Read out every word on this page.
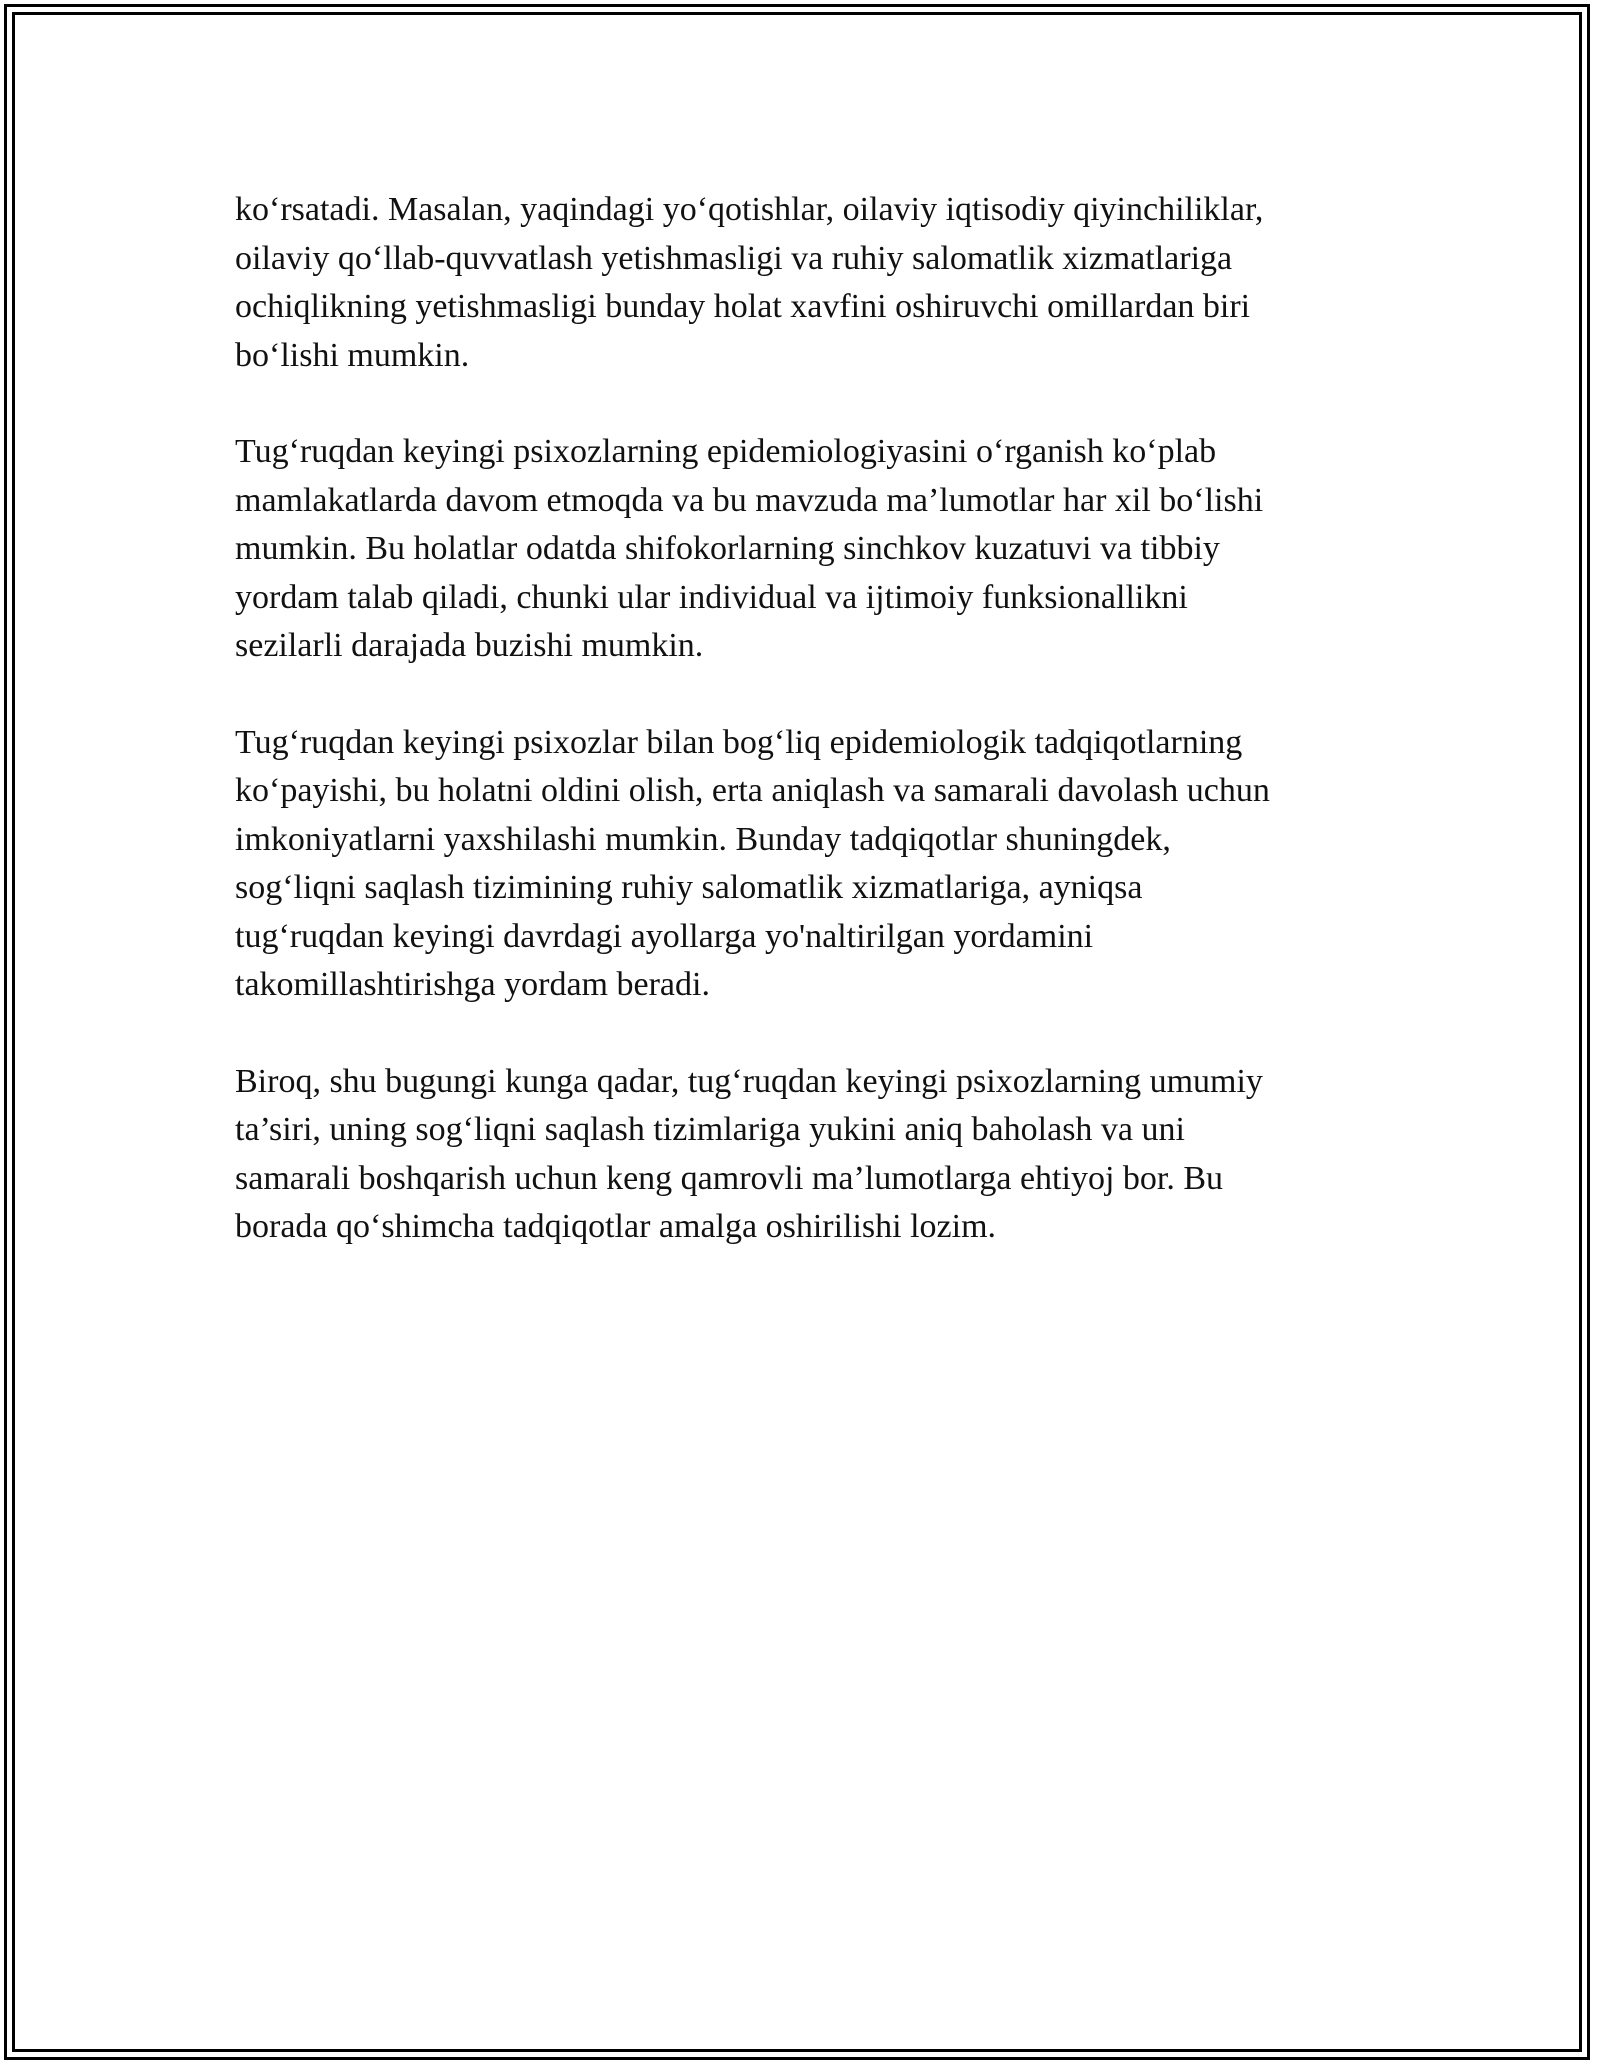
ko‘rsatadi. Masalan, yaqindagi yo‘qotishlar, oilaviy iqtisodiy qiyinchiliklar,
oilaviy qo‘llab-quvvatlash yetishmasligi va ruhiy salomatlik xizmatlariga
ochiqlikning yetishmasligi bunday holat xavfini oshiruvchi omillardan biri
bo‘lishi mumkin.

Tug‘ruqdan keyingi psixozlarning epidemiologiyasini o‘rganish ko‘plab
mamlakatlarda davom etmoqda va bu mavzuda ma’lumotlar har xil bo‘lishi
mumkin. Bu holatlar odatda shifokorlarning sinchkov kuzatuvi va tibbiy
yordam talab qiladi, chunki ular individual va ijtimoiy funksionallikni
sezilarli darajada buzishi mumkin.

Tug‘ruqdan keyingi psixozlar bilan bog‘liq epidemiologik tadqiqotlarning
ko‘payishi, bu holatni oldini olish, erta aniqlash va samarali davolash uchun
imkoniyatlarni yaxshilashi mumkin. Bunday tadqiqotlar shuningdek,
sog‘liqni saqlash tizimining ruhiy salomatlik xizmatlariga, ayniqsa
tug‘ruqdan keyingi davrdagi ayollarga yo'naltirilgan yordamini
takomillashtirishga yordam beradi.

Biroq, shu bugungi kunga qadar, tug‘ruqdan keyingi psixozlarning umumiy
ta’siri, uning sog‘liqni saqlash tizimlariga yukini aniq baholash va uni
samarali boshqarish uchun keng qamrovli ma’lumotlarga ehtiyoj bor. Bu
borada qo‘shimcha tadqiqotlar amalga oshirilishi lozim.
